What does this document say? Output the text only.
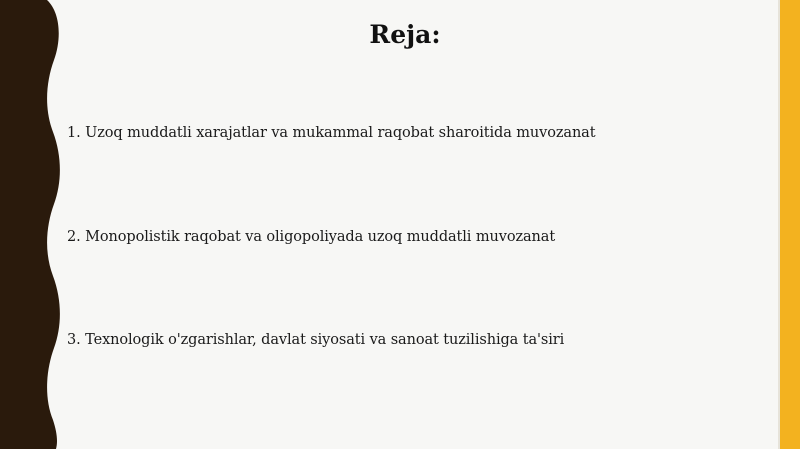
Reja:
1. Uzoq muddatli xarajatlar va mukammal raqobat sharoitida muvozanat
2. Monopolistik raqobat va oligopoliyada uzoq muddatli muvozanat
3. Texnologik o'zgarishlar, davlat siyosati va sanoat tuzilishiga ta'siri
